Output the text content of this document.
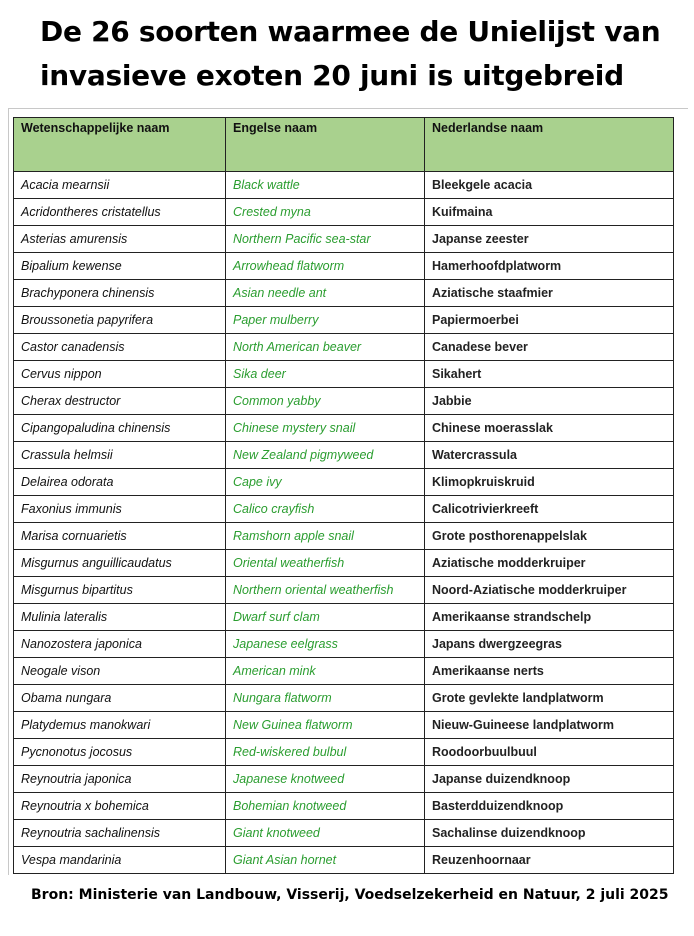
De 26 soorten waarmee de Unielijst van
invasieve exoten 20 juni is uitgebreid
Wetenschappelijke naam	Engelse naam	Nederlandse naam
Acacia mearnsii	Black wattle	Bleekgele acacia
Acridontheres cristatellus	Crested myna	Kuifmaina
Asterias amurensis	Northern Pacific sea-star	Japanse zeester
Bipalium kewense	Arrowhead flatworm	Hamerhoofdplatworm
Brachyponera chinensis	Asian needle ant	Aziatische staafmier
Broussonetia papyrifera	Paper mulberry	Papiermoerbei
Castor canadensis	North American beaver	Canadese bever
Cervus nippon	Sika deer	Sikahert
Cherax destructor	Common yabby	Jabbie
Cipangopaludina chinensis	Chinese mystery snail	Chinese moerasslak
Crassula helmsii	New Zealand pigmyweed	Watercrassula
Delairea odorata	Cape ivy	Klimopkruiskruid
Faxonius immunis	Calico crayfish	Calicotrivierkreeft
Marisa cornuarietis	Ramshorn apple snail	Grote posthorenappelslak
Misgurnus anguillicaudatus	Oriental weatherfish	Aziatische modderkruiper
Misgurnus bipartitus	Northern oriental weatherfish	Noord-Aziatische modderkruiper
Mulinia lateralis	Dwarf surf clam	Amerikaanse strandschelp
Nanozostera japonica	Japanese eelgrass	Japans dwergzeegras
Neogale vison	American mink	Amerikaanse nerts
Obama nungara	Nungara flatworm	Grote gevlekte landplatworm
Platydemus manokwari	New Guinea flatworm	Nieuw-Guineese landplatworm
Pycnonotus jocosus	Red-wiskered bulbul	Roodoorbuulbuul
Reynoutria japonica	Japanese knotweed	Japanse duizendknoop
Reynoutria x bohemica	Bohemian knotweed	Basterdduizendknoop
Reynoutria sachalinensis	Giant knotweed	Sachalinse duizendknoop
Vespa mandarinia	Giant Asian hornet	Reuzenhoornaar
Bron: Ministerie van Landbouw, Visserij, Voedselzekerheid en Natuur, 2 juli 2025
